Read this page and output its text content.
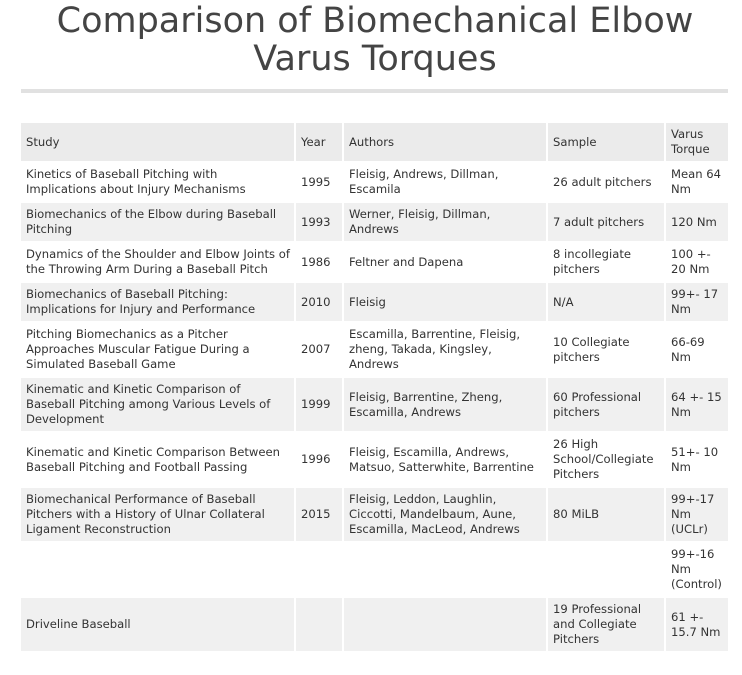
Comparison of Biomechanical Elbow
Varus Torques
Study	Year	Authors	Sample	Varus Torque
Kinetics of Baseball Pitching with Implications about Injury Mechanisms	1995	Fleisig, Andrews, Dillman, Escamila	26 adult pitchers	Mean 64 Nm
Biomechanics of the Elbow during Baseball Pitching	1993	Werner, Fleisig, Dillman, Andrews	7 adult pitchers	120 Nm
Dynamics of the Shoulder and Elbow Joints of the Throwing Arm During a Baseball Pitch	1986	Feltner and Dapena	8 incollegiate pitchers	100 +- 20 Nm
Biomechanics of Baseball Pitching: Implications for Injury and Performance	2010	Fleisig	N/A	99+- 17 Nm
Pitching Biomechanics as a Pitcher Approaches Muscular Fatigue During a Simulated Baseball Game	2007	Escamilla, Barrentine, Fleisig, zheng, Takada, Kingsley, Andrews	10 Collegiate pitchers	66-69 Nm
Kinematic and Kinetic Comparison of Baseball Pitching among Various Levels of Development	1999	Fleisig, Barrentine, Zheng, Escamilla, Andrews	60 Professional pitchers	64 +- 15 Nm
Kinematic and Kinetic Comparison Between Baseball Pitching and Football Passing	1996	Fleisig, Escamilla, Andrews, Matsuo, Satterwhite, Barrentine	26 High School/Collegiate Pitchers	51+- 10 Nm
Biomechanical Performance of Baseball Pitchers with a History of Ulnar Collateral Ligament Reconstruction	2015	Fleisig, Leddon, Laughlin, Ciccotti, Mandelbaum, Aune, Escamilla, MacLeod, Andrews	80 MiLB	99+-17 Nm (UCLr)
				99+-16 Nm (Control)
Driveline Baseball			19 Professional and Collegiate Pitchers	61 +- 15.7 Nm
